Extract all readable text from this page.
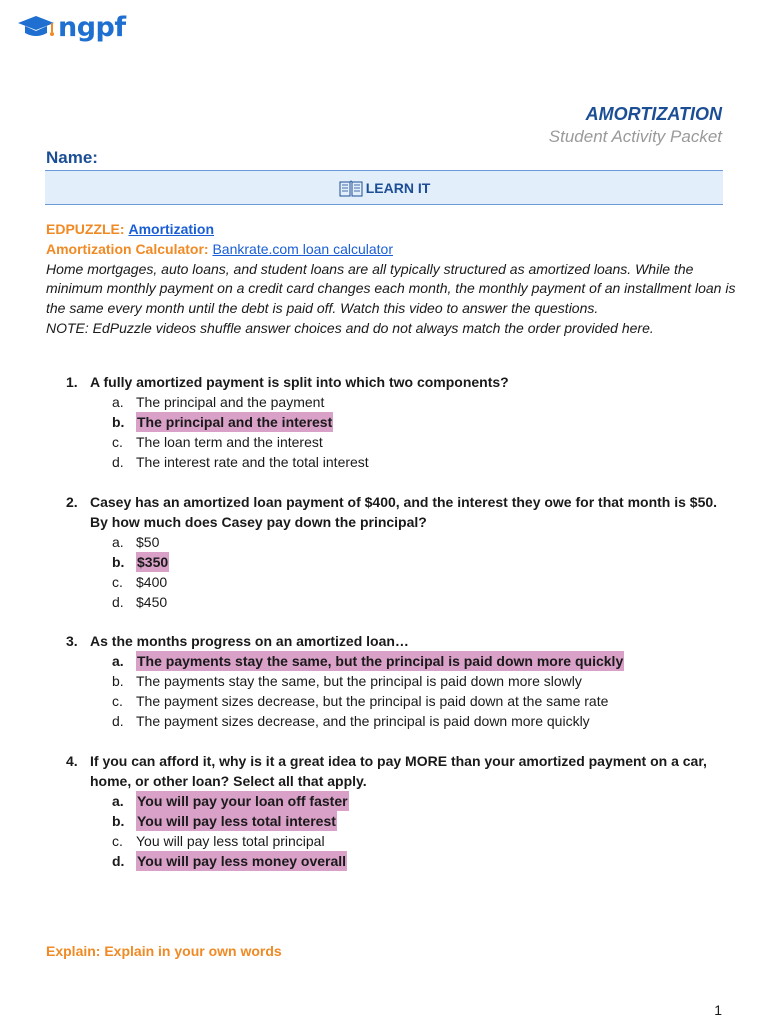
ngpf
AMORTIZATION
Student Activity Packet
Name:
LEARN IT
EDPUZZLE: Amortization
Amortization Calculator: Bankrate.com loan calculator
Home mortgages, auto loans, and student loans are all typically structured as amortized loans. While the minimum monthly payment on a credit card changes each month, the monthly payment of an installment loan is the same every month until the debt is paid off. Watch this video to answer the questions.
NOTE: EdPuzzle videos shuffle answer choices and do not always match the order provided here.
1. A fully amortized payment is split into which two components?
a. The principal and the payment
b. The principal and the interest
c. The loan term and the interest
d. The interest rate and the total interest
2. Casey has an amortized loan payment of $400, and the interest they owe for that month is $50. By how much does Casey pay down the principal?
a. $50
b. $350
c. $400
d. $450
3. As the months progress on an amortized loan…
a. The payments stay the same, but the principal is paid down more quickly
b. The payments stay the same, but the principal is paid down more slowly
c. The payment sizes decrease, but the principal is paid down at the same rate
d. The payment sizes decrease, and the principal is paid down more quickly
4. If you can afford it, why is it a great idea to pay MORE than your amortized payment on a car, home, or other loan? Select all that apply.
a. You will pay your loan off faster
b. You will pay less total interest
c. You will pay less total principal
d. You will pay less money overall
Explain: Explain in your own words
1
